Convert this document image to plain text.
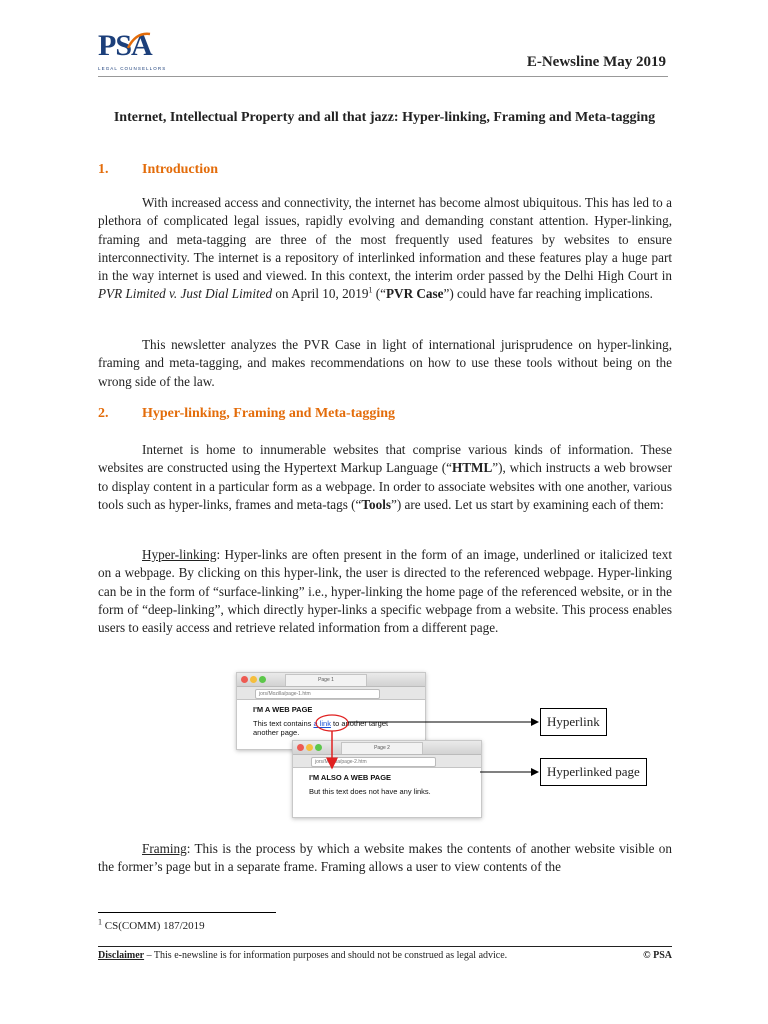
PSA
LEGAL COUNSELLORS	E-Newsline May 2019
Internet, Intellectual Property and all that jazz: Hyper-linking, Framing and Meta-tagging
1. Introduction

With increased access and connectivity, the internet has become almost ubiquitous. This has led to a plethora of complicated legal issues, rapidly evolving and demanding constant attention. Hyper-linking, framing and meta-tagging are three of the most frequently used features by websites to ensure interconnectivity. The internet is a repository of interlinked information and these features play a huge part in the way internet is used and viewed. In this context, the interim order passed by the Delhi High Court in PVR Limited v. Just Dial Limited on April 10, 2019$^1$ (“PVR Case”) could have far reaching implications.

This newsletter analyzes the PVR Case in light of international jurisprudence on hyper-linking, framing and meta-tagging, and makes recommendations on how to use these tools without being on the wrong side of the law.

2. Hyper-linking, Framing and Meta-tagging

Internet is home to innumerable websites that comprise various kinds of information. These websites are constructed using the Hypertext Markup Language (“HTML”), which instructs a web browser to display content in a particular form as a webpage. In order to associate websites with one another, various tools such as hyper-links, frames and meta-tags (“Tools”) are used. Let us start by examining each of them:

Hyper-linking: Hyper-links are often present in the form of an image, underlined or italicized text on a webpage. By clicking on this hyper-link, the user is directed to the referenced webpage. Hyper-linking can be in the form of “surface-linking” i.e., hyper-linking the home page of the referenced website, or in the form of “deep-linking”, which directly hyper-links a specific webpage from a website. This process enables users to easily access and retrieve related information from a different page.

Page 1
jors/Mozilla/page-1.htm
I'M A WEB PAGE
This text contains a link to another target
another page.
Page 2
jors/Mozilla/page-2.htm
I'M ALSO A WEB PAGE
But this text does not have any links.
Hyperlink
Hyperlinked page

Framing: This is the process by which a website makes the contents of another website visible on the former’s page but in a separate frame. Framing allows a user to view contents of the

$^1$ CS(COMM) 187/2019
Disclaimer – This e-newsline is for information purposes and should not be construed as legal advice.	© PSA
